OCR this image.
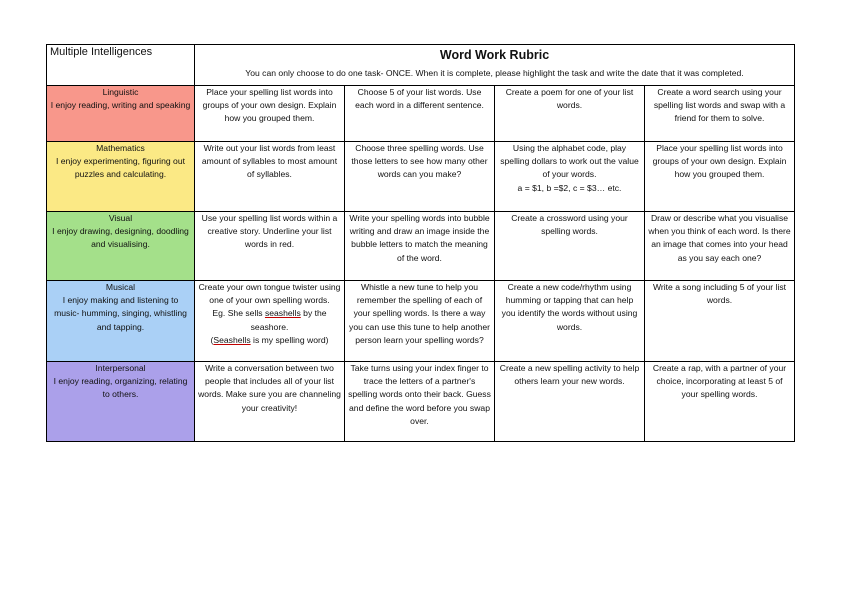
Multiple Intelligences	Word Work Rubric			
	You can only choose to do one task- ONCE. When it is complete, please highlight the task and write the date that it was completed.			

Linguistic
I enjoy reading, writing and speaking	Place your spelling list words into groups of your own design. Explain how you grouped them.	Choose 5 of your list words. Use each word in a different sentence.	Create a poem for one of your list words.	Create a word search using your spelling list words and swap with a friend for them to solve.

Mathematics
I enjoy experimenting, figuring out puzzles and calculating.	Write out your list words from least amount of syllables to most amount of syllables.	Choose three spelling words. Use those letters to see how many other words can you make?	Using the alphabet code, play spelling dollars to work out the value of your words.
a = $1, b =$2, c = $3… etc.	Place your spelling list words into groups of your own design. Explain how you grouped them.

Visual
I enjoy drawing, designing, doodling and visualising.	Use your spelling list words within a creative story. Underline your list words in red.	Write your spelling words into bubble writing and draw an image inside the bubble letters to match the meaning of the word.	Create a crossword using your spelling words.	Draw or describe what you visualise when you think of each word. Is there an image that comes into your head as you say each one?

Musical
I enjoy making and listening to music- humming, singing, whistling and tapping.	Create your own tongue twister using one of your own spelling words.
Eg. She sells seashells by the seashore.
(Seashells is my spelling word)	Whistle a new tune to help you remember the spelling of each of your spelling words. Is there a way you can use this tune to help another person learn your spelling words?	Create a new code/rhythm using humming or tapping that can help you identify the words without using words.	Write a song including 5 of your list words.

Interpersonal
I enjoy reading, organizing, relating to others.	Write a conversation between two people that includes all of your list words. Make sure you are channeling your creativity!	Take turns using your index finger to trace the letters of a partner's spelling words onto their back. Guess and define the word before you swap over.	Create a new spelling activity to help others learn your new words.	Create a rap, with a partner of your choice, incorporating at least 5 of your spelling words.
